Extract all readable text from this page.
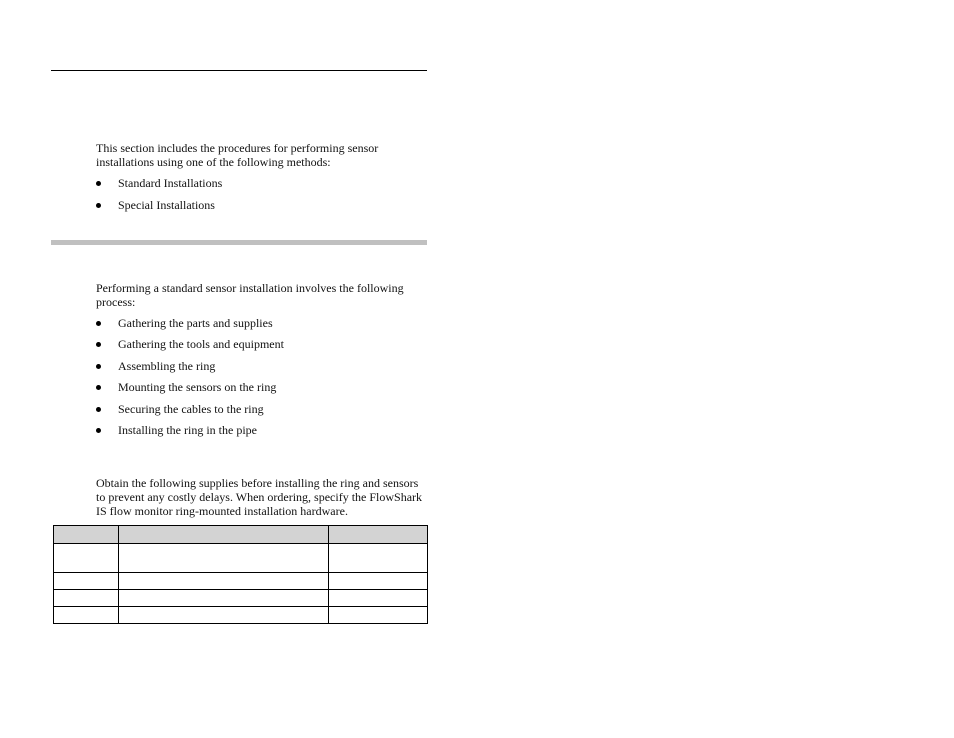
This section includes the procedures for performing sensor installations using one of the following methods:

Standard Installations
Special Installations

Performing a standard sensor installation involves the following process:

Gathering the parts and supplies
Gathering the tools and equipment
Assembling the ring
Mounting the sensors on the ring
Securing the cables to the ring
Installing the ring in the pipe

Obtain the following supplies before installing the ring and sensors to prevent any costly delays. When ordering, specify the FlowShark IS flow monitor ring-mounted installation hardware.
